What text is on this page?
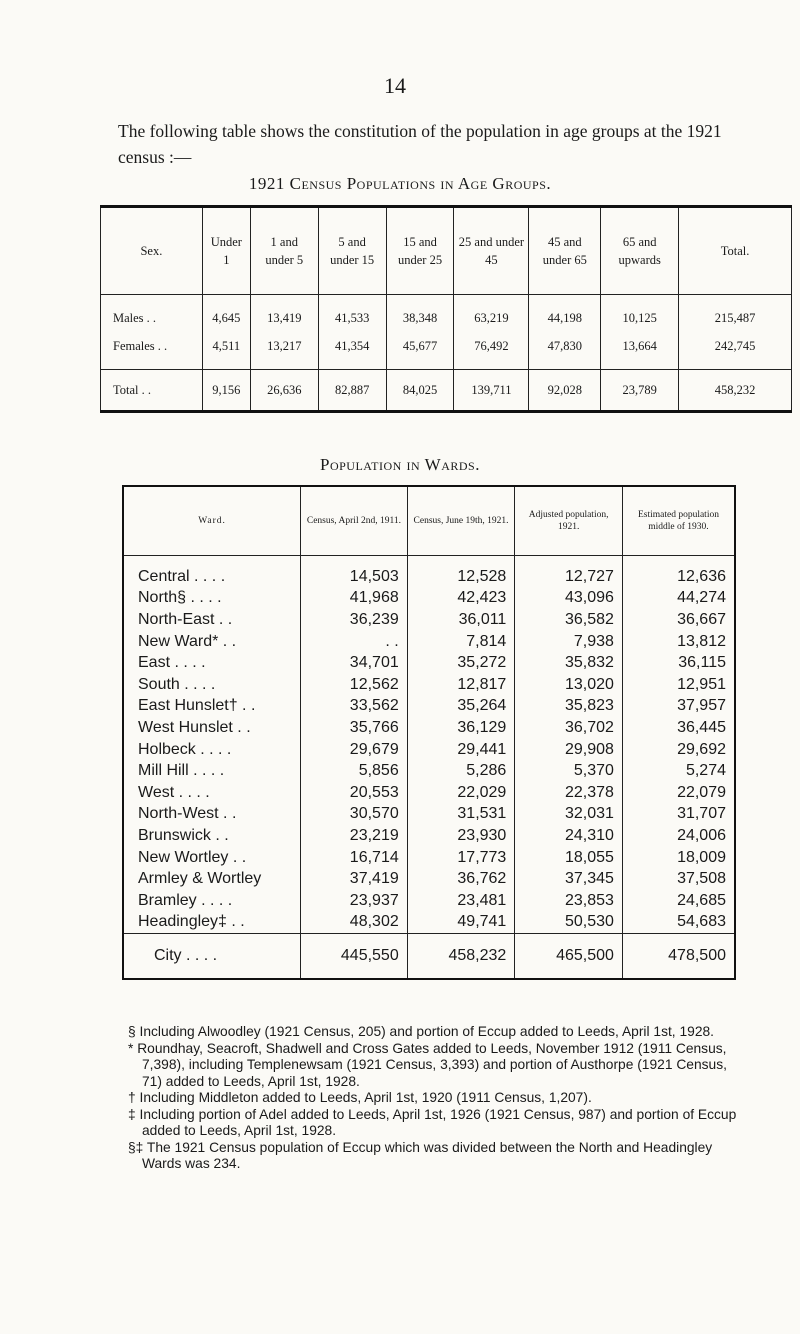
14
The following table shows the constitution of the population in age groups at the 1921 census :—
1921 Census Populations in Age Groups.
Sex.	Under 1	1 and under 5	5 and under 15	15 and under 25	25 and under 45	45 and under 65	65 and upwards	Total.
Males . .	4,645	13,419	41,533	38,348	63,219	44,198	10,125	215,487
Females . .	4,511	13,217	41,354	45,677	76,492	47,830	13,664	242,745
Total . .	9,156	26,636	82,887	84,025	139,711	92,028	23,789	458,232
Population in Wards.
Ward.	Census, April 2nd, 1911.	Census, June 19th, 1921.	Adjusted population, 1921.	Estimated population middle of 1930.
Central . . . .	14,503	12,528	12,727	12,636
North§ . . . .	41,968	42,423	43,096	44,274
North-East . .	36,239	36,011	36,582	36,667
New Ward* . .	. .	7,814	7,938	13,812
East . . . .	34,701	35,272	35,832	36,115
South . . . .	12,562	12,817	13,020	12,951
East Hunslet† . .	33,562	35,264	35,823	37,957
West Hunslet . .	35,766	36,129	36,702	36,445
Holbeck . . . .	29,679	29,441	29,908	29,692
Mill Hill . . . .	5,856	5,286	5,370	5,274
West . . . .	20,553	22,029	22,378	22,079
North-West . .	30,570	31,531	32,031	31,707
Brunswick . .	23,219	23,930	24,310	24,006
New Wortley . .	16,714	17,773	18,055	18,009
Armley & Wortley	37,419	36,762	37,345	37,508
Bramley . . . .	23,937	23,481	23,853	24,685
Headingley‡ . .	48,302	49,741	50,530	54,683
City . . . .	445,550	458,232	465,500	478,500

§ Including Alwoodley (1921 Census, 205) and portion of Eccup added to Leeds, April 1st, 1928.

* Roundhay, Seacroft, Shadwell and Cross Gates added to Leeds, November 1912 (1911 Census, 7,398), including Templenewsam (1921 Census, 3,393) and portion of Austhorpe (1921 Census, 71) added to Leeds, April 1st, 1928.

† Including Middleton added to Leeds, April 1st, 1920 (1911 Census, 1,207).

‡ Including portion of Adel added to Leeds, April 1st, 1926 (1921 Census, 987) and portion of Eccup added to Leeds, April 1st, 1928.

§‡ The 1921 Census population of Eccup which was divided between the North and Headingley Wards was 234.
